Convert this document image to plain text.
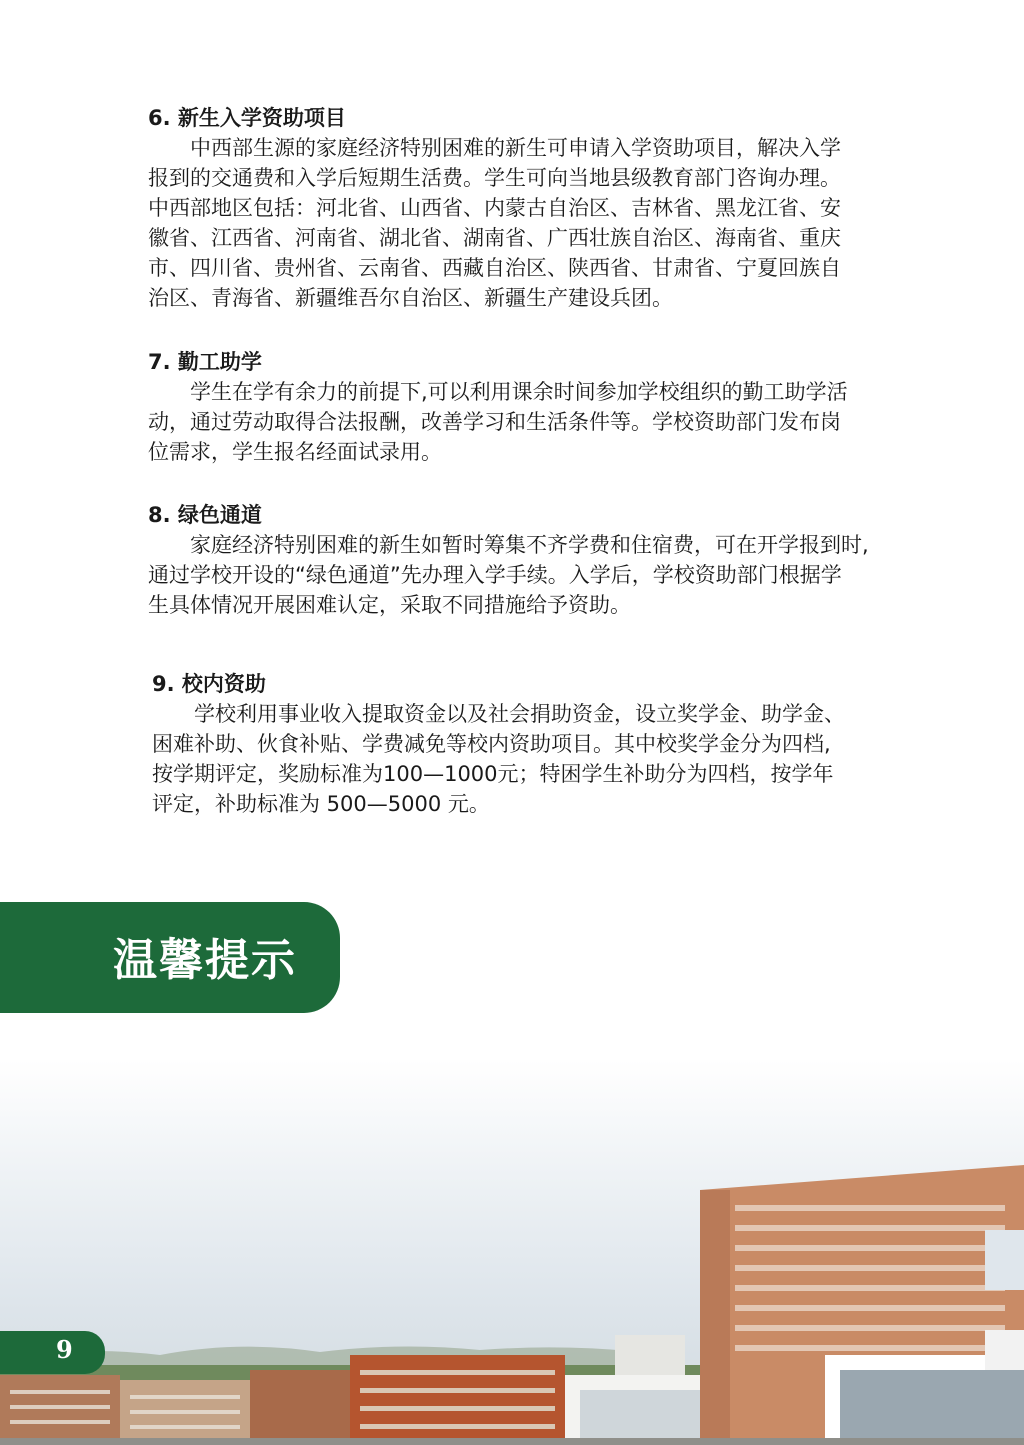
6. 新生入学资助项目
　　中西部生源的家庭经济特别困难的新生可申请入学资助项目，解决入学
报到的交通费和入学后短期生活费。学生可向当地县级教育部门咨询办理。
中西部地区包括：河北省、山西省、内蒙古自治区、吉林省、黑龙江省、安
徽省、江西省、河南省、湖北省、湖南省、广西壮族自治区、海南省、重庆
市、四川省、贵州省、云南省、西藏自治区、陕西省、甘肃省、宁夏回族自
治区、青海省、新疆维吾尔自治区、新疆生产建设兵团。
7. 勤工助学
　　学生在学有余力的前提下,可以利用课余时间参加学校组织的勤工助学活
动，通过劳动取得合法报酬，改善学习和生活条件等。学校资助部门发布岗
位需求，学生报名经面试录用。
8. 绿色通道
　　家庭经济特别困难的新生如暂时筹集不齐学费和住宿费，可在开学报到时,
通过学校开设的“绿色通道”先办理入学手续。入学后，学校资助部门根据学
生具体情况开展困难认定，采取不同措施给予资助。
9. 校内资助
　　学校利用事业收入提取资金以及社会捐助资金，设立奖学金、助学金、
困难补助、伙食补贴、学费减免等校内资助项目。其中校奖学金分为四档,
按学期评定，奖励标准为100—1000元；特困学生补助分为四档，按学年
评定，补助标准为 500—5000 元。
温馨提示
9
